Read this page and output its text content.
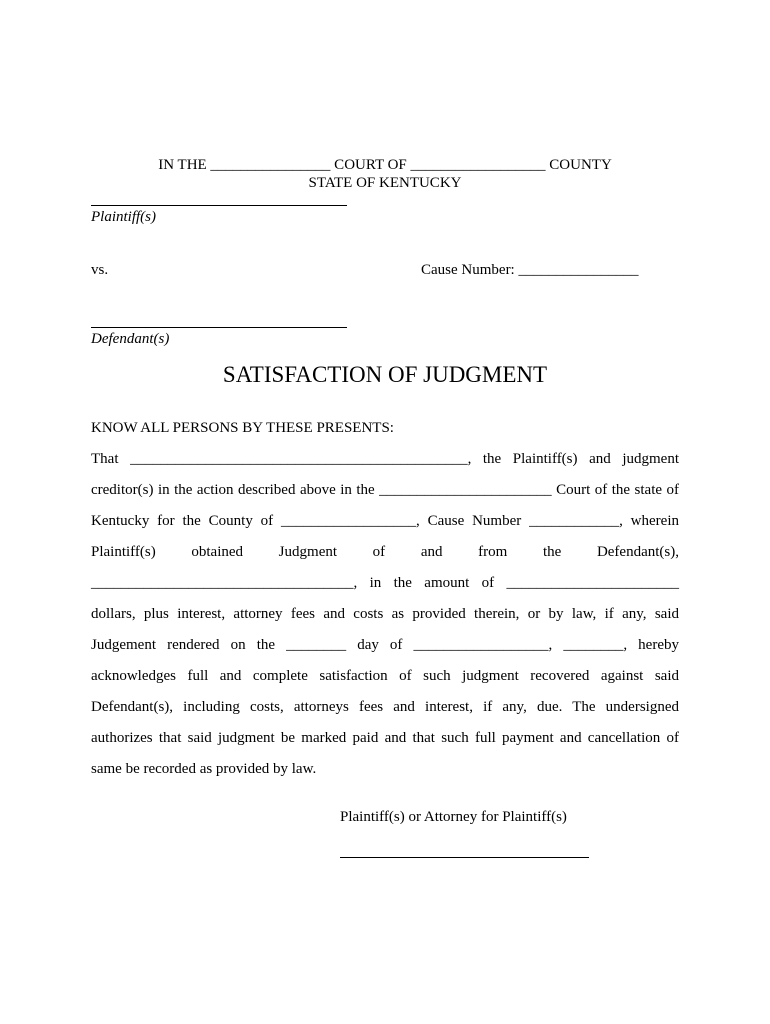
IN THE ________________ COURT OF __________________ COUNTY
STATE OF KENTUCKY
Plaintiff(s)
vs.	Cause Number: ________________
Defendant(s)
SATISFACTION OF JUDGMENT
KNOW ALL PERSONS BY THESE PRESENTS:
That _____________________________________________, the Plaintiff(s) and judgment
creditor(s) in the action described above in the _______________________ Court of the state of
Kentucky for the County of __________________, Cause Number ____________, wherein
Plaintiff(s) obtained Judgment of and from the Defendant(s),
___________________________________, in the amount of _______________________
dollars, plus interest, attorney fees and costs as provided therein, or by law, if any, said
Judgement rendered on the ________ day of __________________, ________, hereby
acknowledges full and complete satisfaction of such judgment recovered against said
Defendant(s), including costs, attorneys fees and interest, if any, due. The undersigned
authorizes that said judgment be marked paid and that such full payment and cancellation of
same be recorded as provided by law.
Plaintiff(s) or Attorney for Plaintiff(s)
